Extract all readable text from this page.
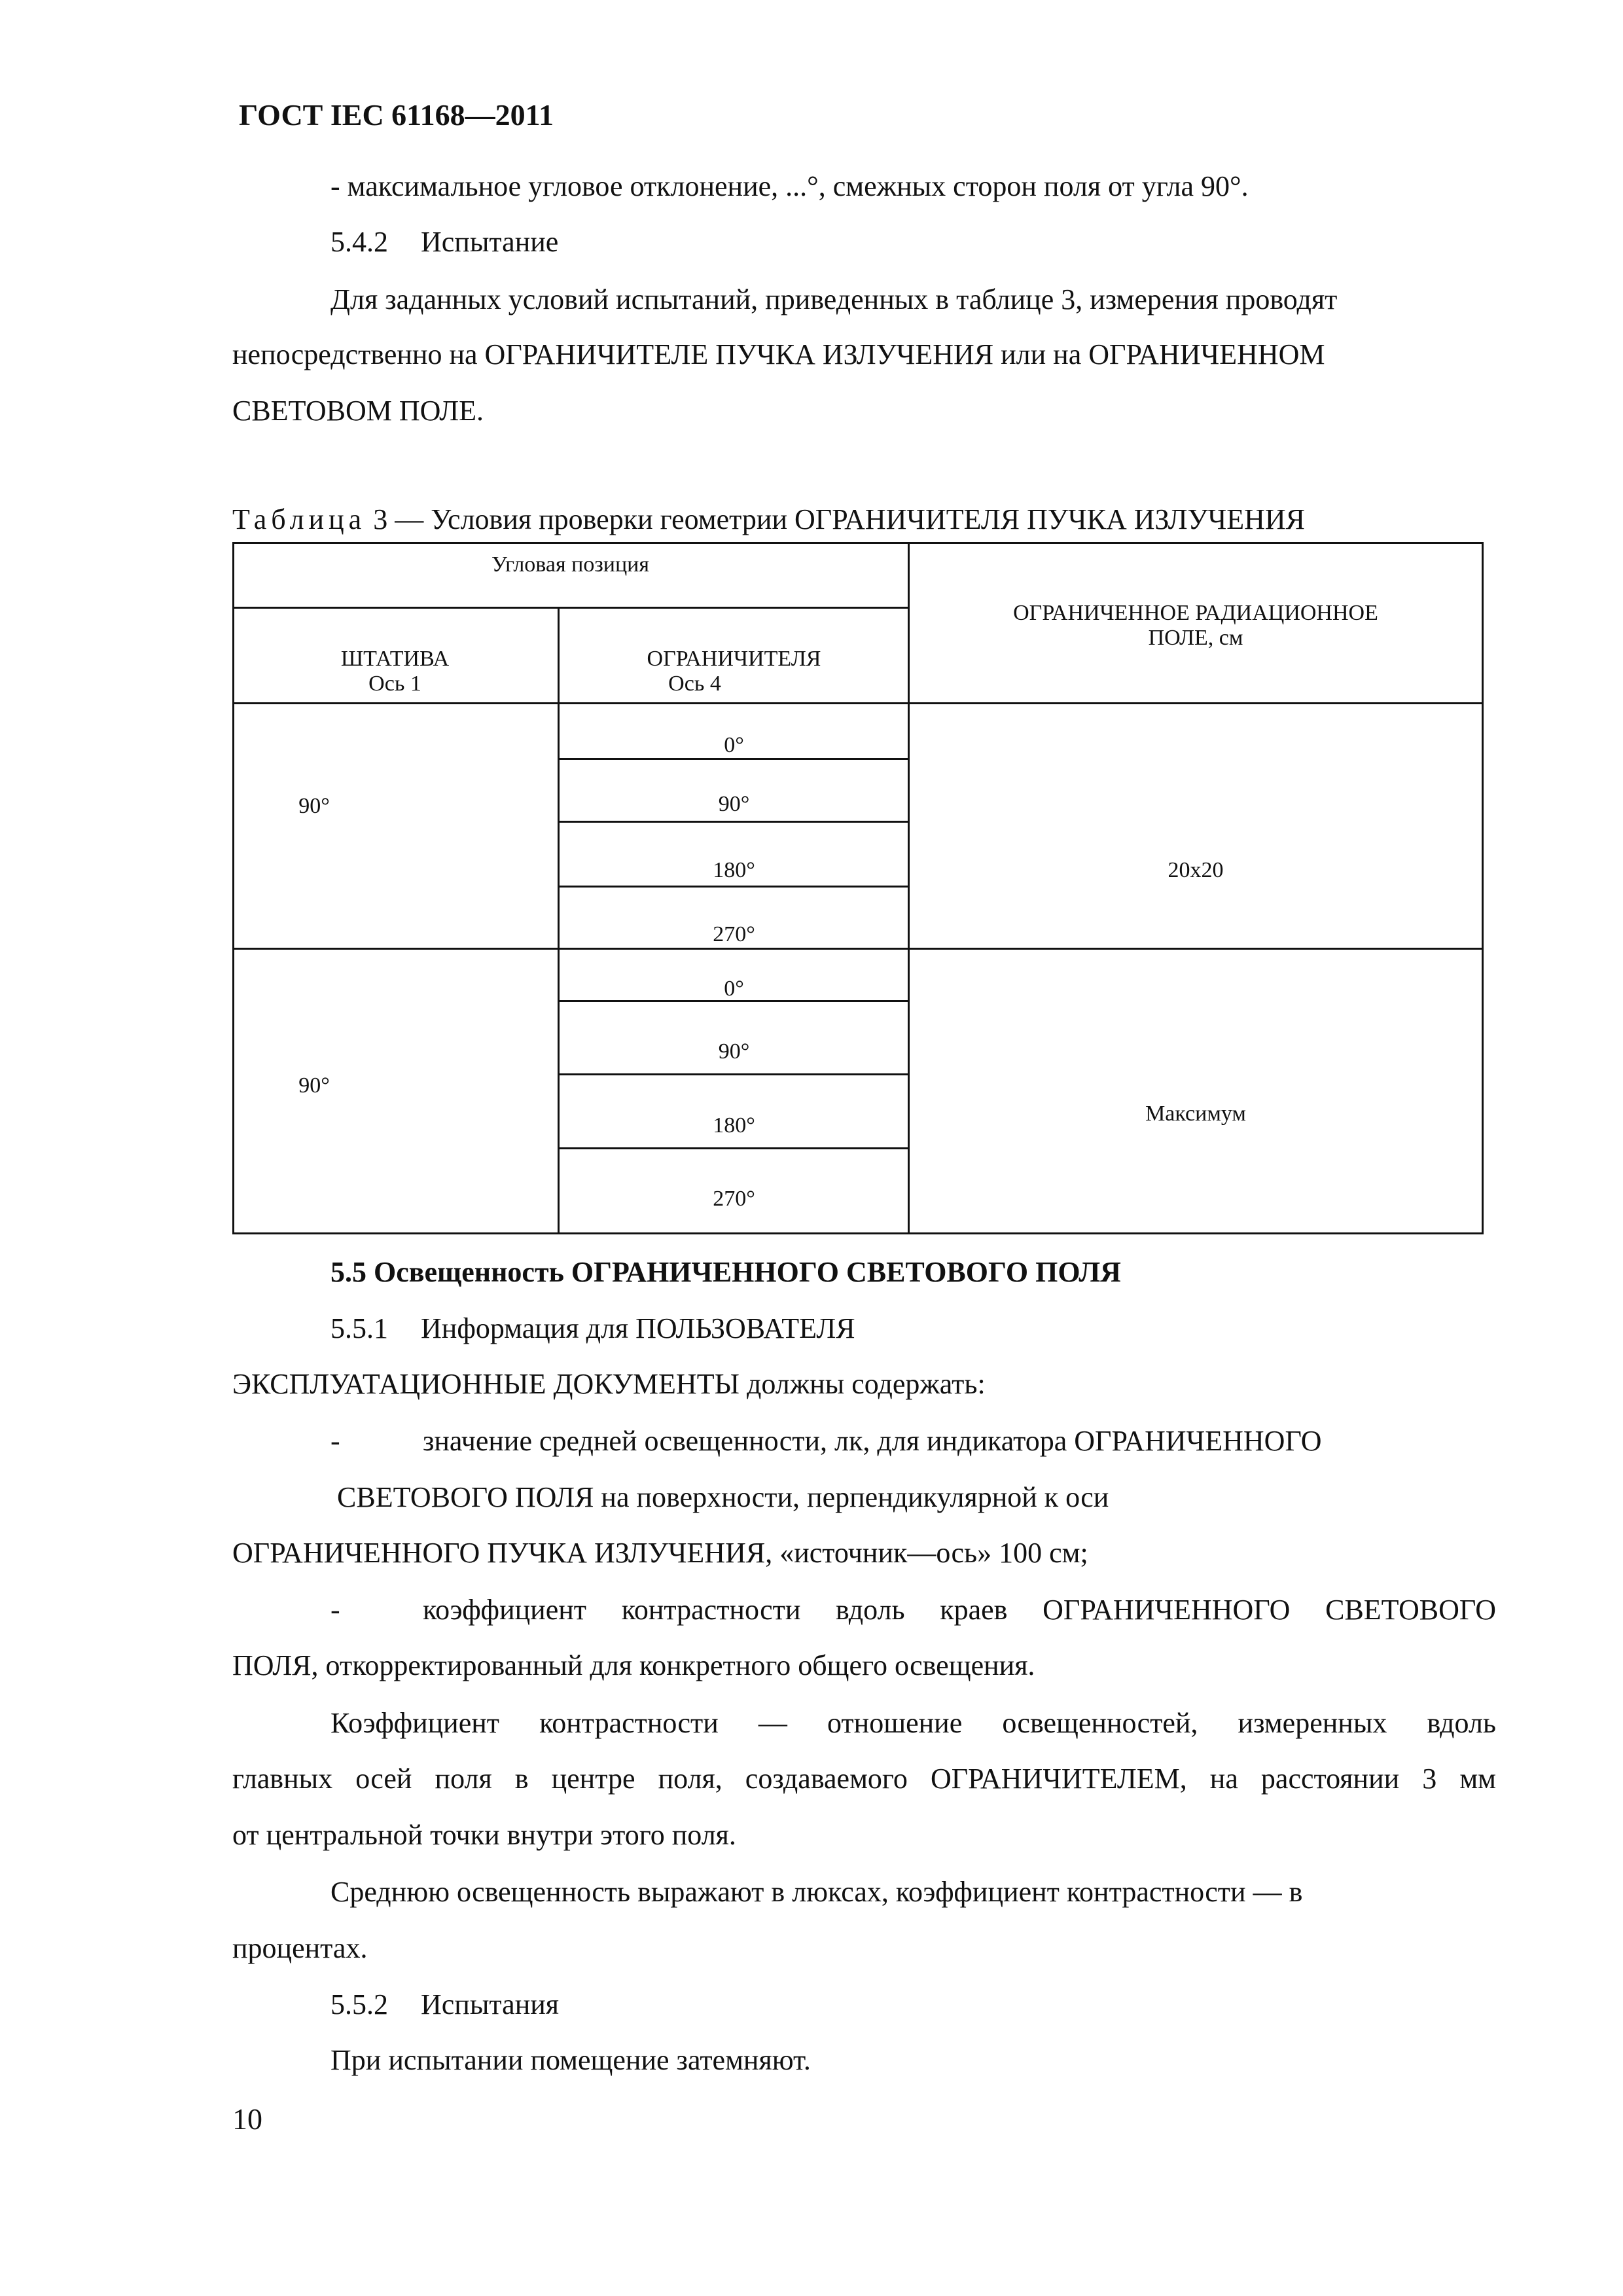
ГОСТ IEC 61168—2011
- максимальное угловое отклонение, ...°, смежных сторон поля от угла 90°.
5.4.2 Испытание
Для заданных условий испытаний, приведенных в таблице 3, измерения проводят
непосредственно на ОГРАНИЧИТЕЛЕ ПУЧКА ИЗЛУЧЕНИЯ или на ОГРАНИЧЕННОМ
СВЕТОВОМ ПОЛЕ.
Таблица 3 — Условия проверки геометрии ОГРАНИЧИТЕЛЯ ПУЧКА ИЗЛУЧЕНИЯ
Угловая позиция
ШТАТИВА
Ось 1
ОГРАНИЧИТЕЛЯ
Ось 4
ОГРАНИЧЕННОЕ РАДИАЦИОННОЕ
ПОЛЕ, см
90°
0°
90°
180°
270°
20x20
90°
0°
90°
180°
270°
Максимум
5.5 Освещенность ОГРАНИЧЕННОГО СВЕТОВОГО ПОЛЯ
5.5.1 Информация для ПОЛЬЗОВАТЕЛЯ
ЭКСПЛУАТАЦИОННЫЕ ДОКУМЕНТЫ должны содержать:
-	значение средней освещенности, лк, для индикатора ОГРАНИЧЕННОГО
СВЕТОВОГО ПОЛЯ на поверхности, перпендикулярной к оси
ОГРАНИЧЕННОГО ПУЧКА ИЗЛУЧЕНИЯ, «источник—ось» 100 см;
-	коэффициент контрастности вдоль краев ОГРАНИЧЕННОГО СВЕТОВОГО
ПОЛЯ, откорректированный для конкретного общего освещения.
Коэффициент контрастности — отношение освещенностей, измеренных вдоль
главных осей поля в центре поля, создаваемого ОГРАНИЧИТЕЛЕМ, на расстоянии 3 мм
от центральной точки внутри этого поля.
Среднюю освещенность выражают в люксах, коэффициент контрастности — в
процентах.
5.5.2 Испытания
При испытании помещение затемняют.
10
